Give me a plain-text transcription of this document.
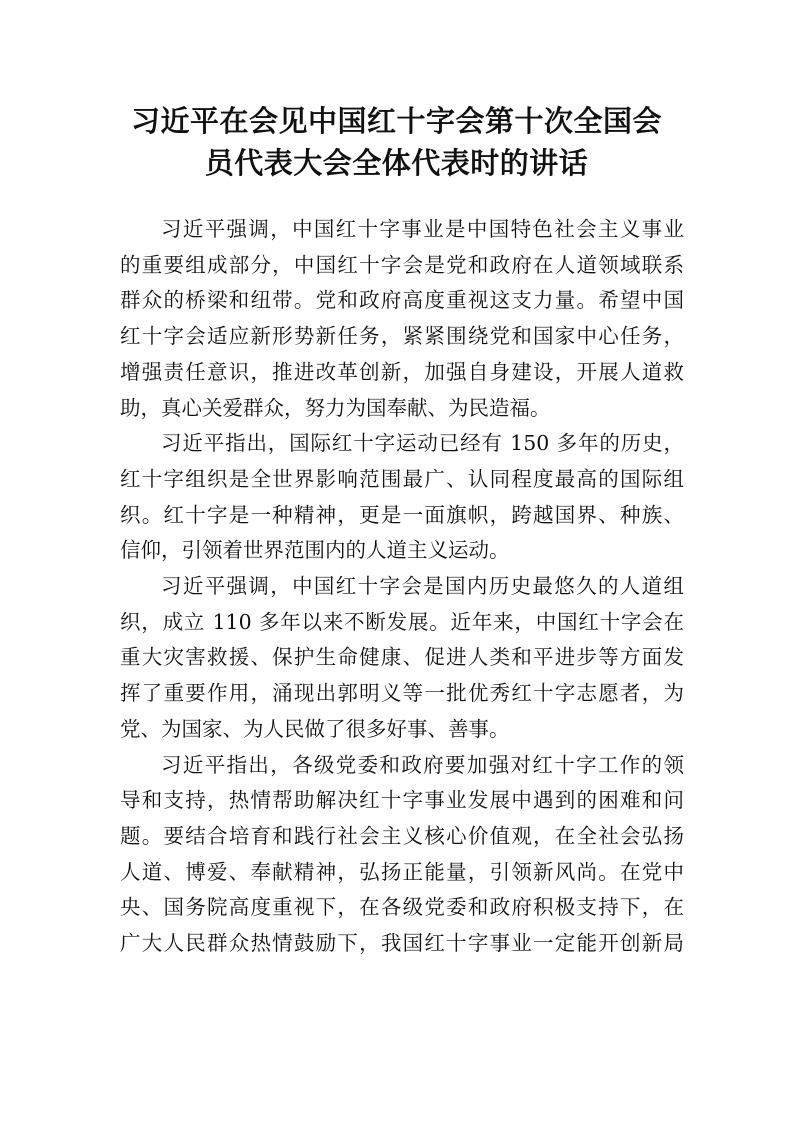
习近平在会见中国红十字会第十次全国会
员代表大会全体代表时的讲话

习近平强调，中国红十字事业是中国特色社会主义事业
的重要组成部分，中国红十字会是党和政府在人道领域联系
群众的桥梁和纽带。党和政府高度重视这支力量。希望中国
红十字会适应新形势新任务，紧紧围绕党和国家中心任务，
增强责任意识，推进改革创新，加强自身建设，开展人道救
助，真心关爱群众，努力为国奉献、为民造福。

习近平指出，国际红十字运动已经有 150 多年的历史，
红十字组织是全世界影响范围最广、认同程度最高的国际组
织。红十字是一种精神，更是一面旗帜，跨越国界、种族、
信仰，引领着世界范围内的人道主义运动。

习近平强调，中国红十字会是国内历史最悠久的人道组
织，成立 110 多年以来不断发展。近年来，中国红十字会在
重大灾害救援、保护生命健康、促进人类和平进步等方面发
挥了重要作用，涌现出郭明义等一批优秀红十字志愿者，为
党、为国家、为人民做了很多好事、善事。

习近平指出，各级党委和政府要加强对红十字工作的领
导和支持，热情帮助解决红十字事业发展中遇到的困难和问
题。要结合培育和践行社会主义核心价值观，在全社会弘扬
人道、博爱、奉献精神，弘扬正能量，引领新风尚。在党中
央、国务院高度重视下，在各级党委和政府积极支持下，在
广大人民群众热情鼓励下，我国红十字事业一定能开创新局
